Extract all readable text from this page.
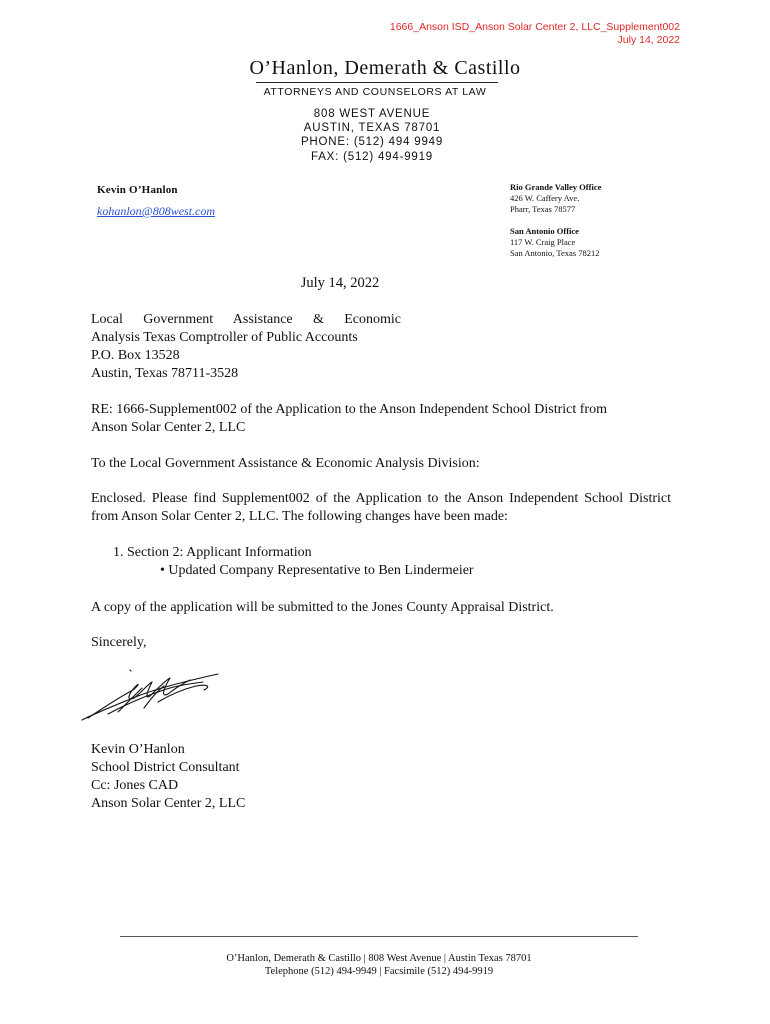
1666_Anson ISD_Anson Solar Center 2, LLC_Supplement002
July 14, 2022
O’Hanlon, Demerath & Castillo
ATTORNEYS AND COUNSELORS AT LAW
808 WEST AVENUE
AUSTIN, TEXAS 78701
PHONE: (512) 494 9949
FAX: (512) 494-9919
Kevin O’Hanlon
kohanlon@808west.com
Rio Grande Valley Office
426 W. Caffery Ave.
Pharr, Texas 78577
San Antonio Office
117 W. Craig Place
San Antonio, Texas 78212
July 14, 2022
Local Government Assistance & Economic
Analysis Texas Comptroller of Public Accounts
P.O. Box 13528
Austin, Texas 78711-3528
RE: 1666-Supplement002 of the Application to the Anson Independent School District from Anson Solar Center 2, LLC
To the Local Government Assistance & Economic Analysis Division:
Enclosed. Please find Supplement002 of the Application to the Anson Independent School District from Anson Solar Center 2, LLC. The following changes have been made:
1. Section 2: Applicant Information
• Updated Company Representative to Ben Lindermeier
A copy of the application will be submitted to the Jones County Appraisal District.
Sincerely,
Kevin O’Hanlon
School District Consultant
Cc: Jones CAD
Anson Solar Center 2, LLC
O’Hanlon, Demerath & Castillo | 808 West Avenue | Austin Texas 78701
Telephone (512) 494-9949 | Facsimile (512) 494-9919
